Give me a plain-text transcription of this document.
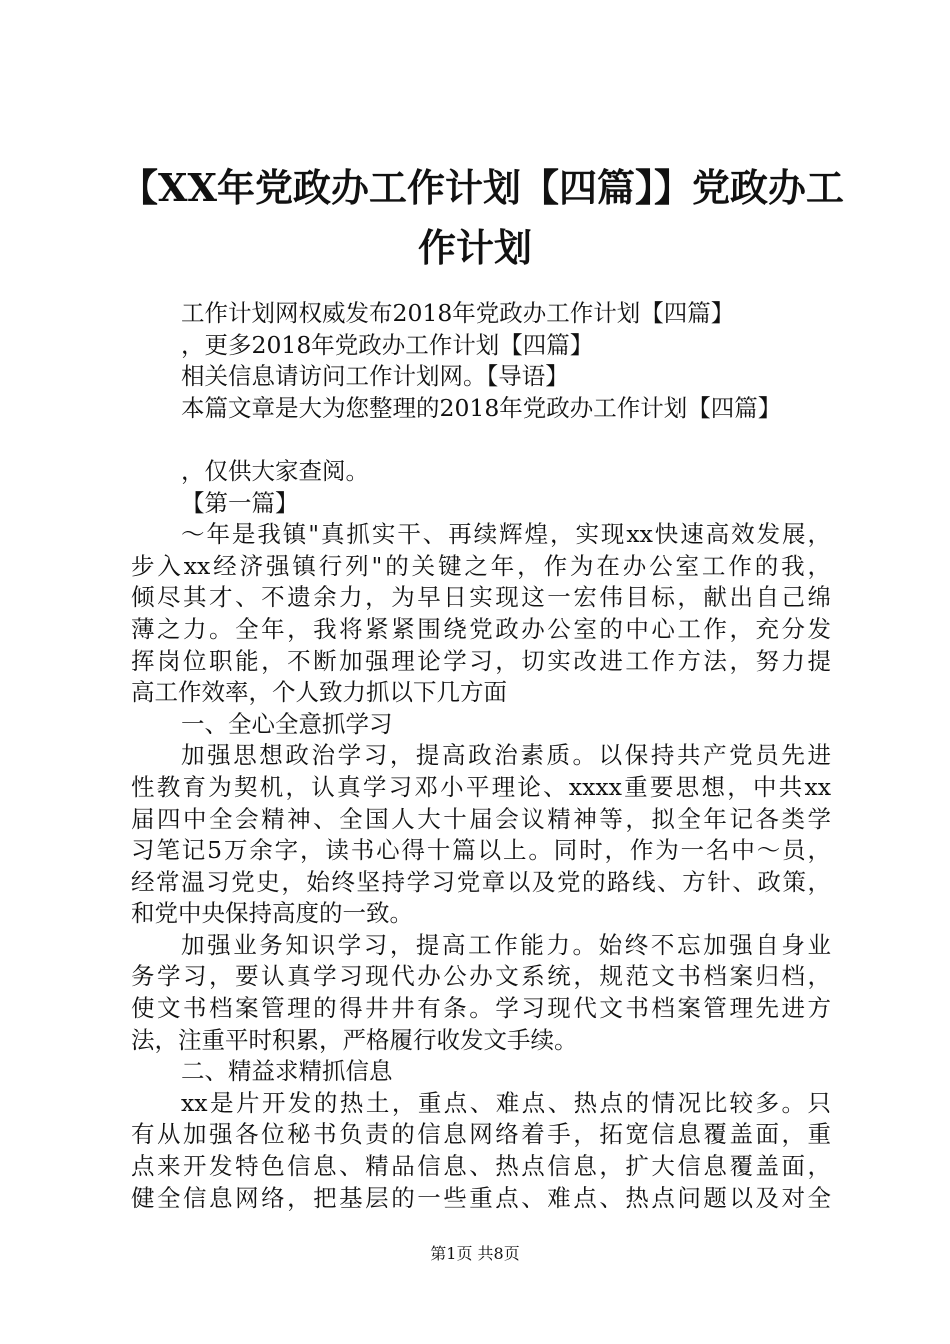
【XX年党政办工作计划【四篇】】党政办工
作计划
工作计划网权威发布2018年党政办工作计划【四篇】
，更多2018年党政办工作计划【四篇】
相关信息请访问工作计划网。【导语】
本篇文章是大为您整理的2018年党政办工作计划【四篇】
，仅供大家查阅。
【第一篇】
～年是我镇"真抓实干、再续辉煌，实现xx快速高效发展，
步入xx经济强镇行列"的关键之年，作为在办公室工作的我，
倾尽其才、不遗余力，为早日实现这一宏伟目标，献出自己绵
薄之力。全年，我将紧紧围绕党政办公室的中心工作，充分发
挥岗位职能，不断加强理论学习，切实改进工作方法，努力提
高工作效率，个人致力抓以下几方面
一、全心全意抓学习
加强思想政治学习，提高政治素质。以保持共产党员先进
性教育为契机，认真学习邓小平理论、xxxx重要思想，中共xx
届四中全会精神、全国人大十届会议精神等，拟全年记各类学
习笔记5万余字，读书心得十篇以上。同时，作为一名中～员，
经常温习党史，始终坚持学习党章以及党的路线、方针、政策，
和党中央保持高度的一致。
加强业务知识学习，提高工作能力。始终不忘加强自身业
务学习，要认真学习现代办公办文系统，规范文书档案归档，
使文书档案管理的得井井有条。学习现代文书档案管理先进方
法，注重平时积累，严格履行收发文手续。
二、精益求精抓信息
xx是片开发的热土，重点、难点、热点的情况比较多。只
有从加强各位秘书负责的信息网络着手，拓宽信息覆盖面，重
点来开发特色信息、精品信息、热点信息，扩大信息覆盖面，
健全信息网络，把基层的一些重点、难点、热点问题以及对全
第1页 共8页
